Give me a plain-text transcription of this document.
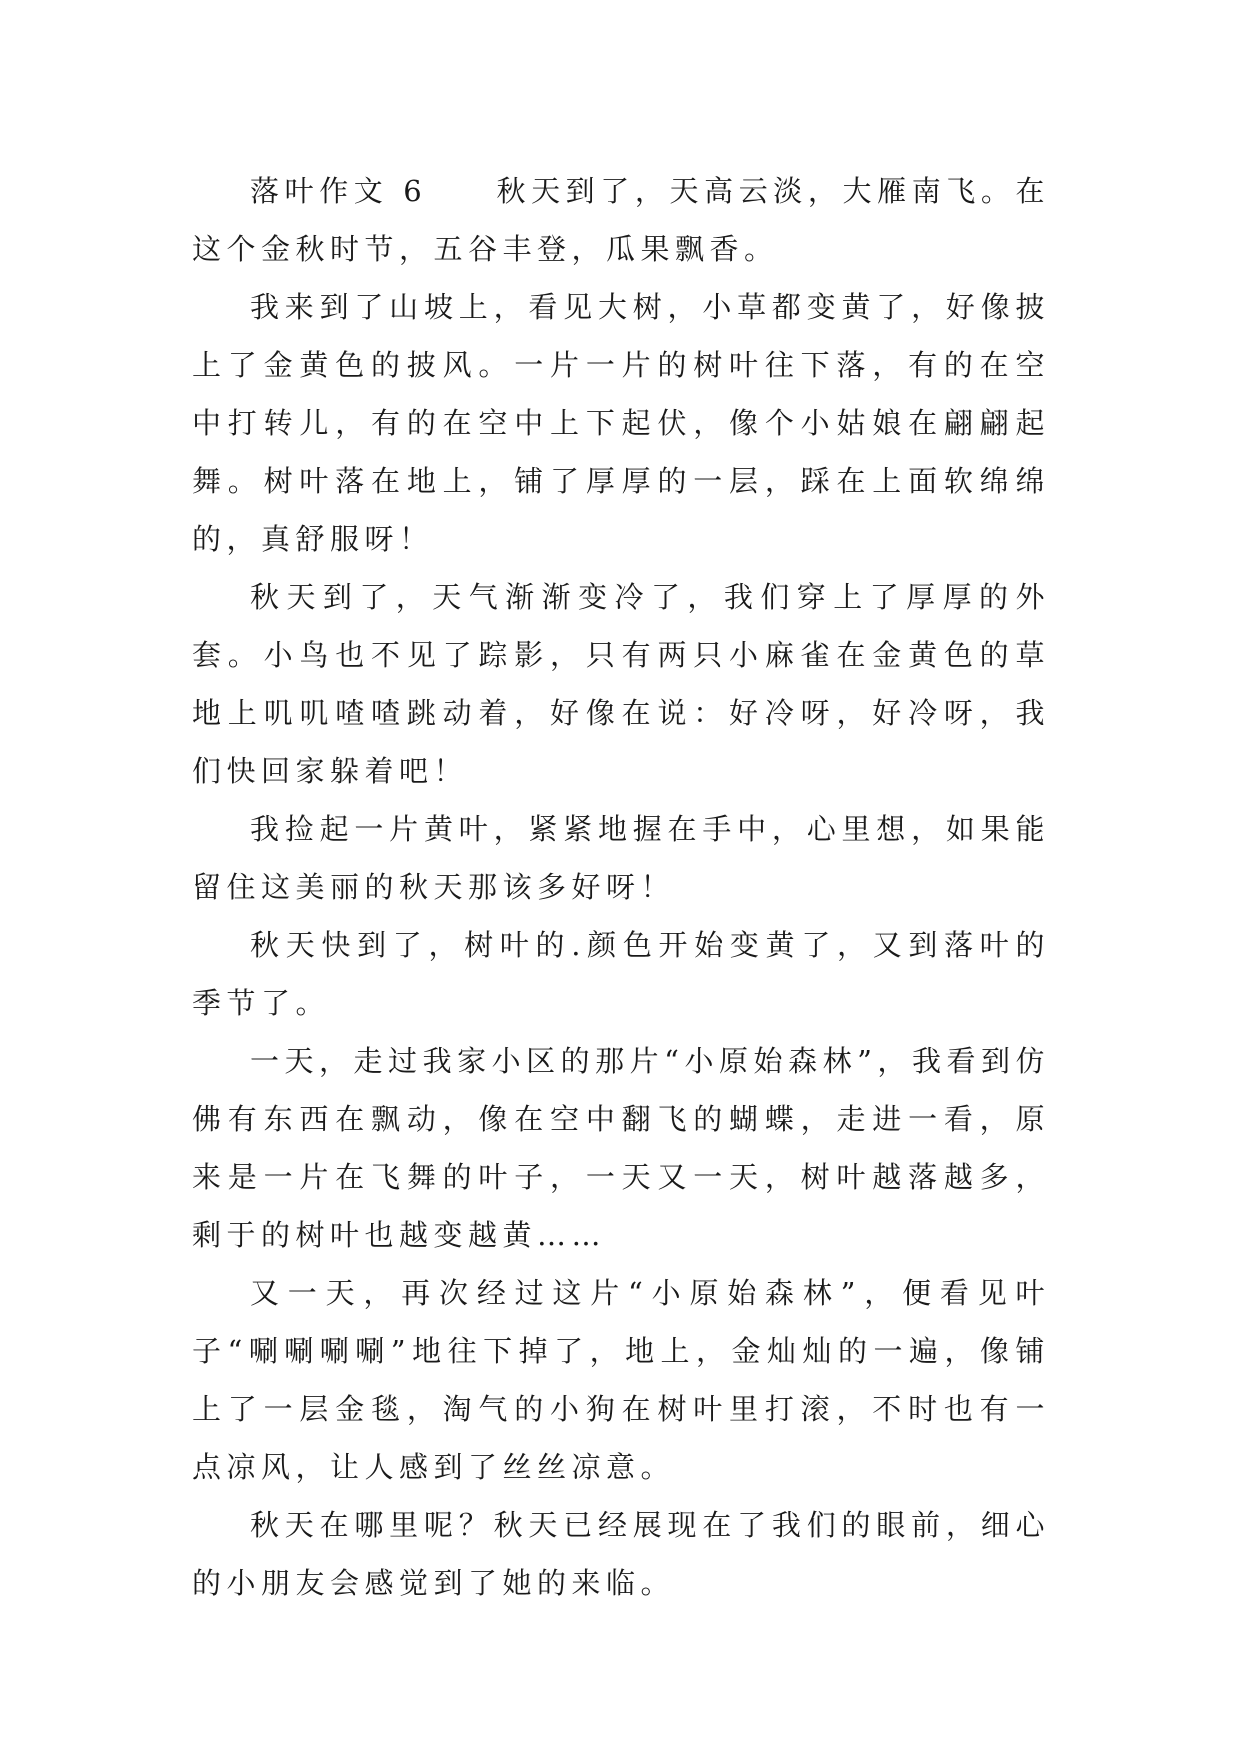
落叶作文 6　　秋天到了，天高云淡，大雁南飞。在这个金秋时节，五谷丰登，瓜果飘香。

我来到了山坡上，看见大树，小草都变黄了，好像披上了金黄色的披风。一片一片的树叶往下落，有的在空中打转儿，有的在空中上下起伏，像个小姑娘在翩翩起舞。树叶落在地上，铺了厚厚的一层，踩在上面软绵绵的，真舒服呀！

秋天到了，天气渐渐变冷了，我们穿上了厚厚的外套。小鸟也不见了踪影，只有两只小麻雀在金黄色的草地上叽叽喳喳跳动着，好像在说：好冷呀，好冷呀，我们快回家躲着吧！

我捡起一片黄叶，紧紧地握在手中，心里想，如果能留住这美丽的秋天那该多好呀！

秋天快到了，树叶的.颜色开始变黄了，又到落叶的季节了。

一天，走过我家小区的那片“小原始森林”，我看到仿佛有东西在飘动，像在空中翻飞的蝴蝶，走进一看，原来是一片在飞舞的叶子，一天又一天，树叶越落越多，剩于的树叶也越变越黄……

又一天，再次经过这片“小原始森林”，便看见叶子“唰唰唰唰”地往下掉了，地上，金灿灿的一遍，像铺上了一层金毯，淘气的小狗在树叶里打滚，不时也有一点凉风，让人感到了丝丝凉意。

秋天在哪里呢？秋天已经展现在了我们的眼前，细心的小朋友会感觉到了她的来临。
